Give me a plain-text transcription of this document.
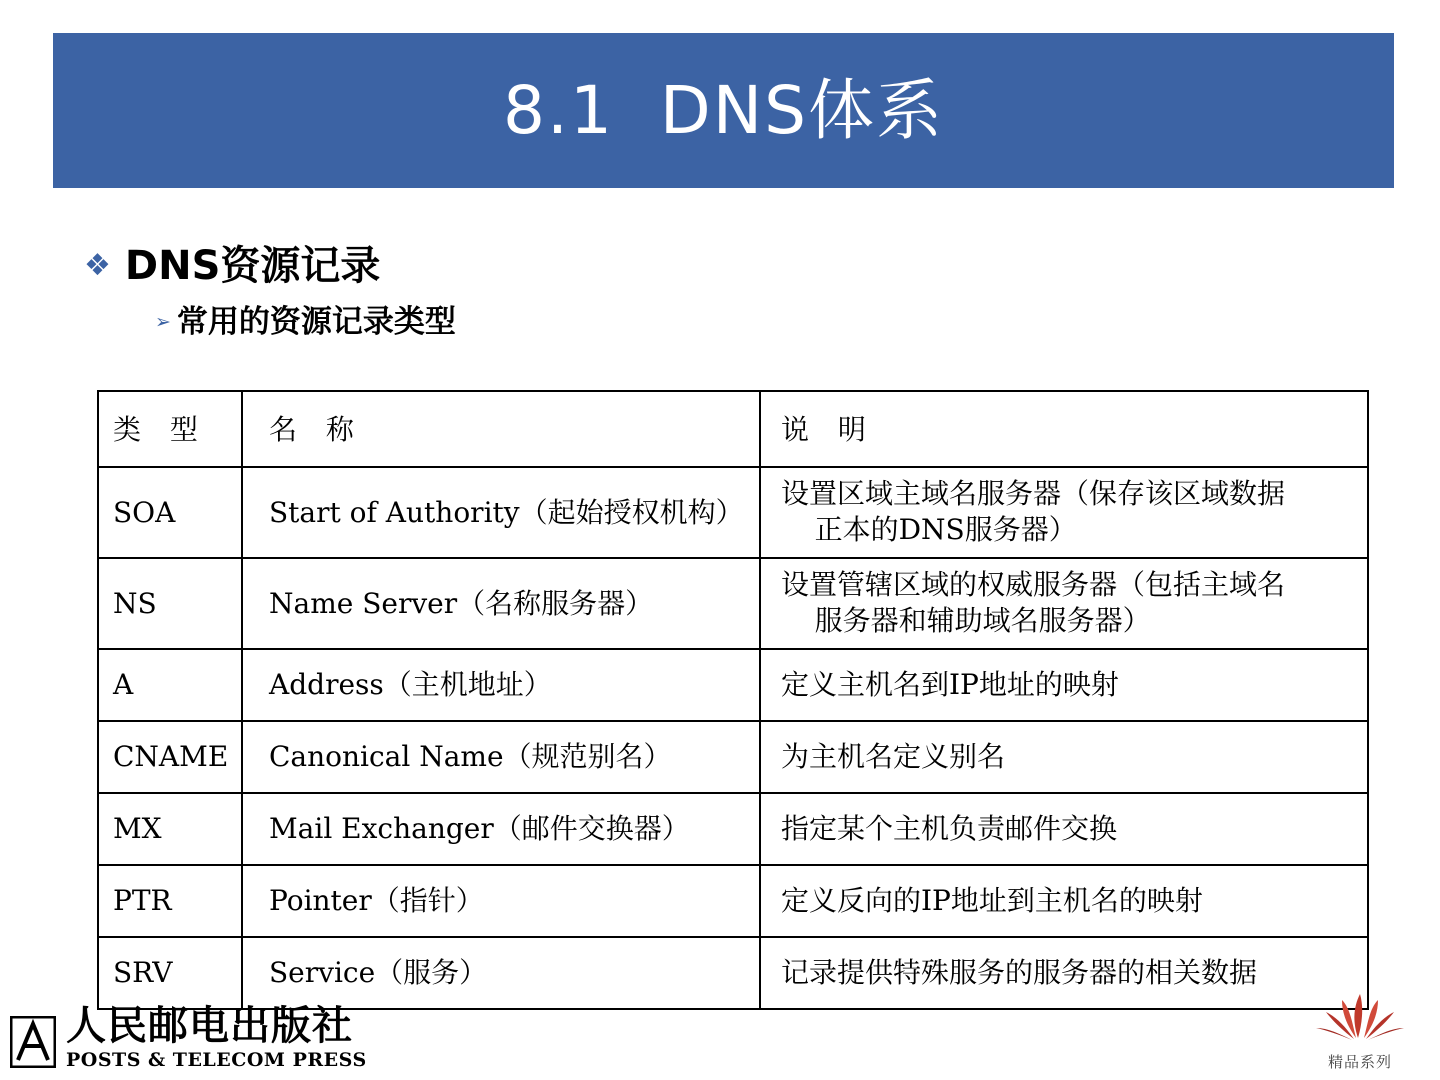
8.1  DNS体系
❖ DNS资源记录
➢ 常用的资源记录类型
类 型	名 称	说 明
SOA	Start of Authority（起始授权机构）	设置区域主域名服务器（保存该区域数据
正本的DNS服务器）

NS	Name Server（名称服务器）	设置管辖区域的权威服务器（包括主域名
服务器和辅助域名服务器）

A	Address（主机地址）	定义主机名到IP地址的映射
CNAME	Canonical Name（规范别名）	为主机名定义别名
MX	Mail Exchanger（邮件交换器）	指定某个主机负责邮件交换
PTR	Pointer（指针）	定义反向的IP地址到主机名的映射
SRV	Service（服务）	记录提供特殊服务的服务器的相关数据
人民邮电出版社
POSTS & TELECOM PRESS	精品系列
